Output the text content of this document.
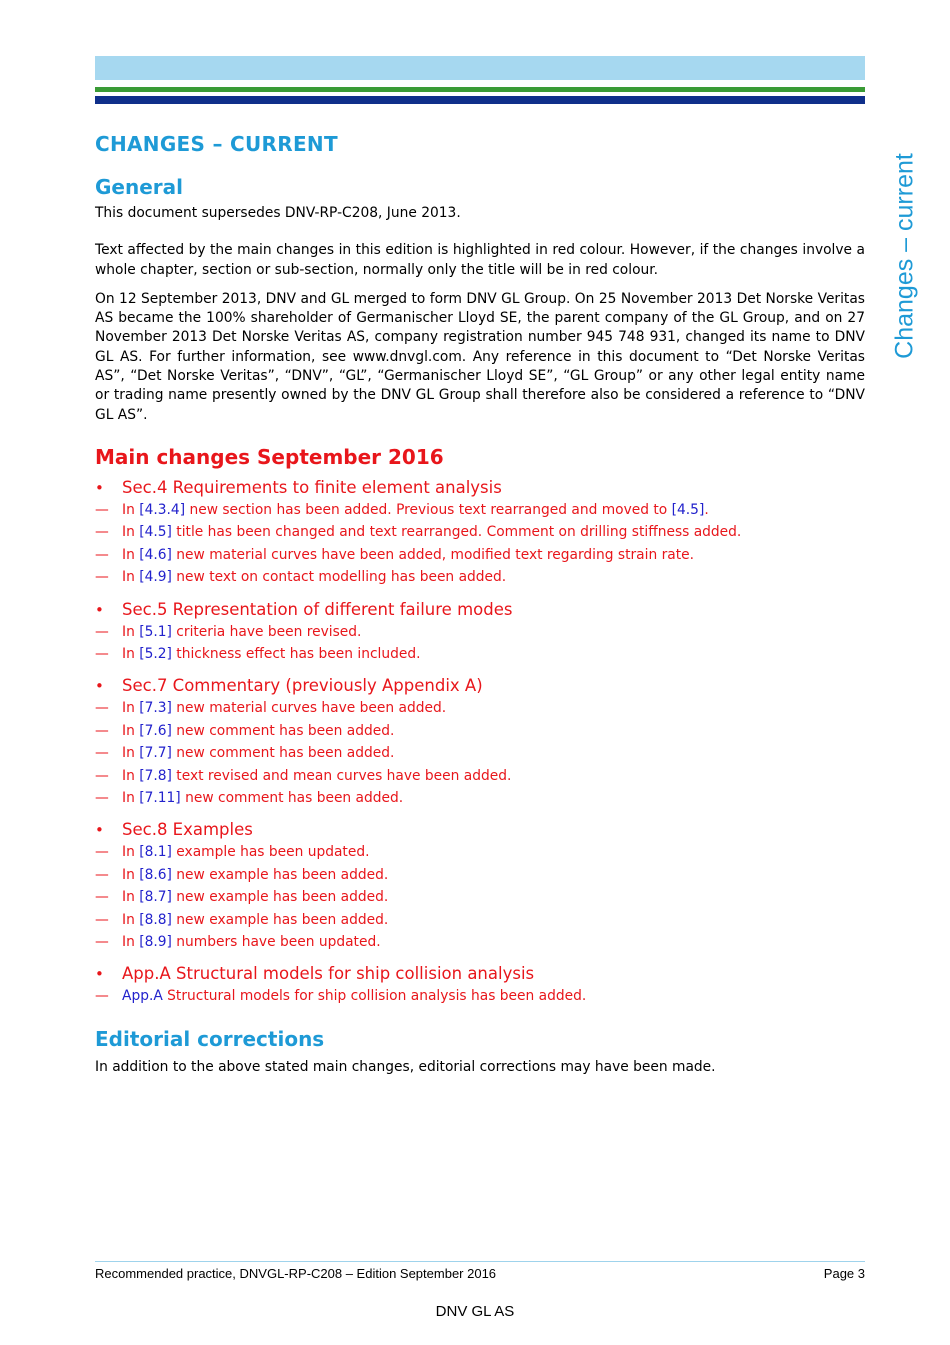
Changes – current
CHANGES – CURRENT
General

This document supersedes DNV-RP-C208, June 2013.

Text affected by the main changes in this edition is highlighted in red colour. However, if the changes involve a whole chapter, section or sub-section, normally only the title will be in red colour.

On 12 September 2013, DNV and GL merged to form DNV GL Group. On 25 November 2013 Det Norske Veritas AS became the 100% shareholder of Germanischer Lloyd SE, the parent company of the GL Group, and on 27 November 2013 Det Norske Veritas AS, company registration number 945 748 931, changed its name to DNV GL AS. For further information, see www.dnvgl.com. Any reference in this document to “Det Norske Veritas AS”, “Det Norske Veritas”, “DNV”, “GL”, “Germanischer Lloyd SE”, “GL Group” or any other legal entity name or trading name presently owned by the DNV GL Group shall therefore also be considered a reference to “DNV GL AS”.

Main changes September 2016
•	Sec.4 Requirements to finite element analysis
— In [4.3.4] new section has been added. Previous text rearranged and moved to [4.5].
— In [4.5] title has been changed and text rearranged. Comment on drilling stiffness added.
— In [4.6] new material curves have been added, modified text regarding strain rate.
— In [4.9] new text on contact modelling has been added.
•	Sec.5 Representation of different failure modes
— In [5.1] criteria have been revised.
— In [5.2] thickness effect has been included.
•	Sec.7 Commentary (previously Appendix A)
— In [7.3] new material curves have been added.
— In [7.6] new comment has been added.
— In [7.7] new comment has been added.
— In [7.8] text revised and mean curves have been added.
— In [7.11] new comment has been added.
•	Sec.8 Examples
— In [8.1] example has been updated.
— In [8.6] new example has been added.
— In [8.7] new example has been added.
— In [8.8] new example has been added.
— In [8.9] numbers have been updated.
•	App.A Structural models for ship collision analysis
— App.A Structural models for ship collision analysis has been added.
Editorial corrections

In addition to the above stated main changes, editorial corrections may have been made.

Recommended practice, DNVGL-RP-C208 – Edition September 2016	Page 3
DNV GL AS
